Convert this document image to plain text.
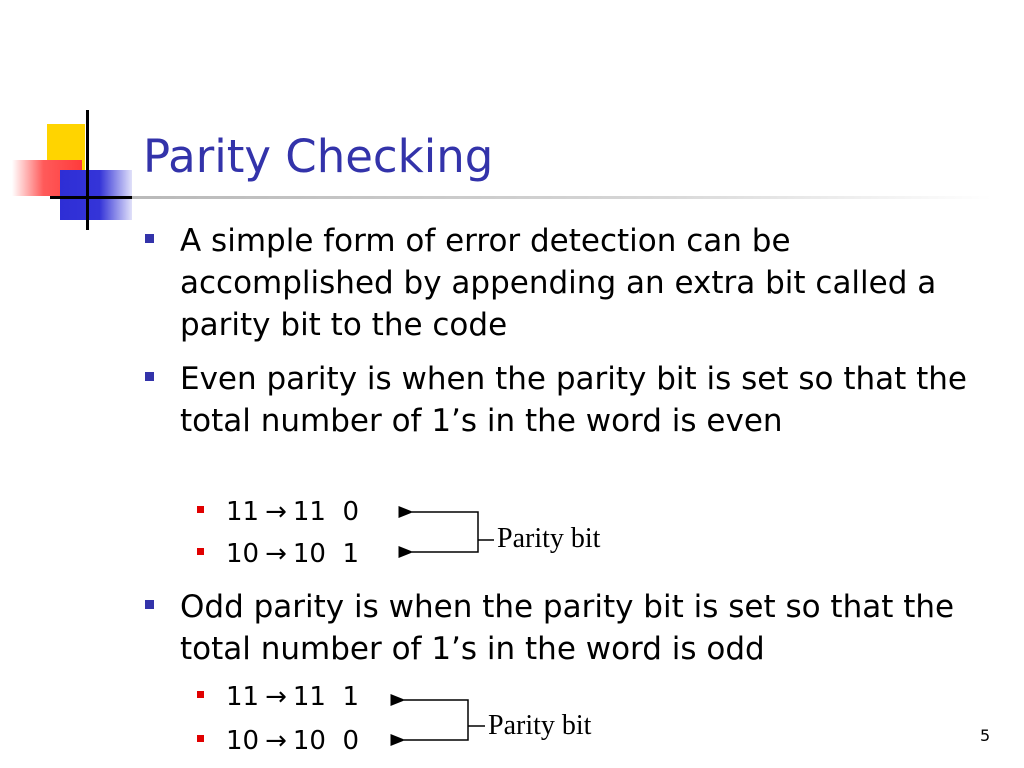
Parity Checking
A simple form of error detection can be accomplished by appending an extra bit called a parity bit to the code
Even parity is when the parity bit is set so that the total number of 1’s in the word is even
11 → 11  0
10 → 10  1
Odd parity is when the parity bit is set so that the total number of 1’s in the word is odd
11 → 11  1
10 → 10  0
Parity bit
Parity bit	5
